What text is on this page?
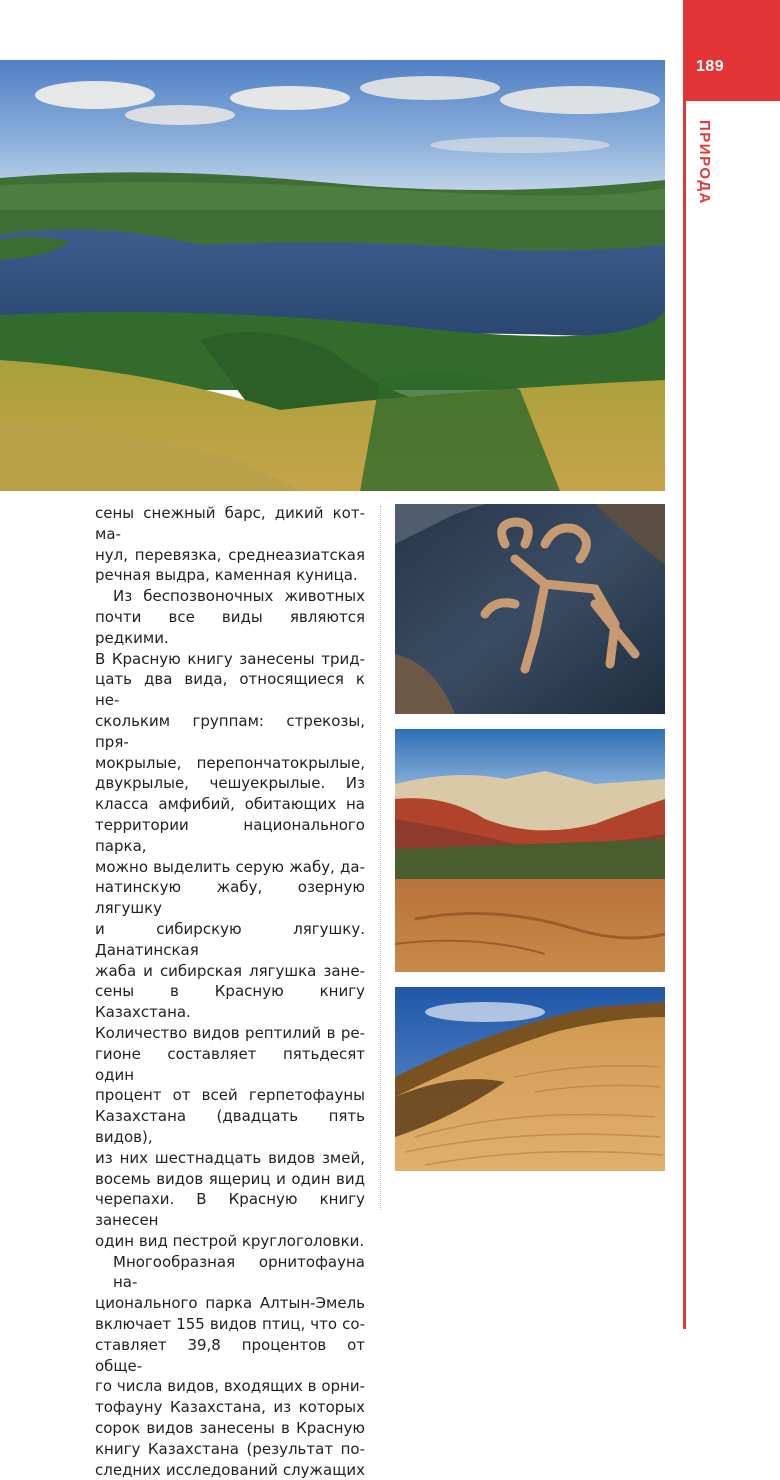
189
ПРИРОДА

сены снежный барс, дикий кот-ма-
нул, перевязка, среднеазиатская
речная выдра, каменная куница.

Из беспозвоночных животных
почти все виды являются редкими.
В Красную книгу занесены трид-
цать два вида, относящиеся к не-
скольким группам: стрекозы, пря-
мокрылые, перепончатокрылые,
двукрылые, чешуекрылые. Из
класса амфибий, обитающих на
территории национального парка,
можно выделить серую жабу, да-
натинскую жабу, озерную лягушку
и сибирскую лягушку. Данатинская
жаба и сибирская лягушка зане-
сены в Красную книгу Казахстана.
Количество видов рептилий в ре-
гионе составляет пятьдесят один
процент от всей герпетофауны
Казахстана (двадцать пять видов),
из них шестнадцать видов змей,
восемь видов ящериц и один вид
черепахи. В Красную книгу занесен
один вид пестрой круглоголовки.

Многообразная орнитофауна на-
ционального парка Алтын-Эмель
включает 155 видов птиц, что со-
ставляет 39,8 процентов от обще-
го числа видов, входящих в орни-
тофауну Казахстана, из которых
сорок видов занесены в Красную
книгу Казахстана (результат по-
следних исследований служащих
